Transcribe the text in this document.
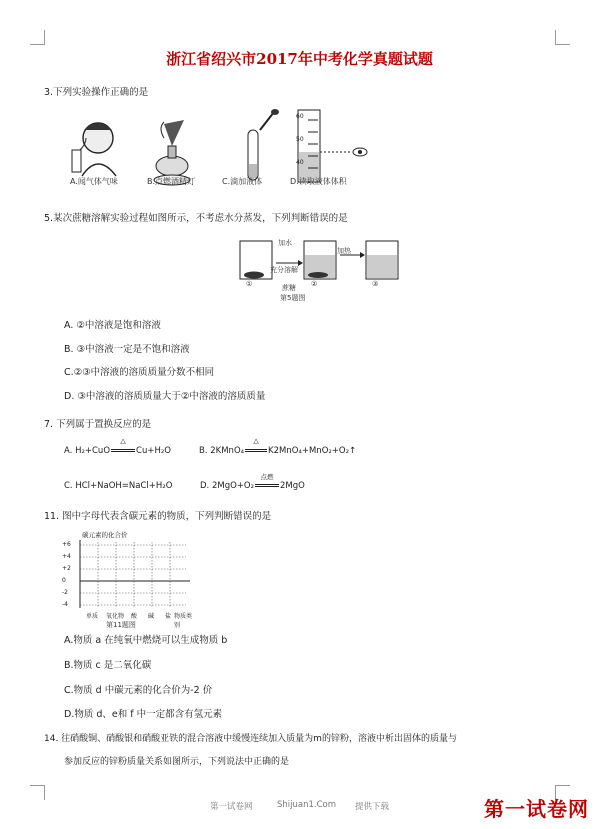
浙江省绍兴市2017年中考化学真题试题
3.下列实验操作正确的是
60
50
40
A.闻气体气味	B.点燃酒精灯	C.滴加液体	D.读取液体体积
5.某次蔗糖溶解实验过程如图所示，不考虑水分蒸发，下列判断错误的是
加水
充分溶解
加热
①	②	③
蔗糖
第5题图
A. ②中溶液是饱和溶液
B. ③中溶液一定是不饱和溶液
C.②③中溶液的溶质质量分数不相同
D. ③中溶液的溶质质量大于②中溶液的溶质质量
7. 下列属于置换反应的是
A. H₂+CuO
△
Cu+H₂O	B. 2KMnO₄
△
K2MnO₄+MnO₂+O₂↑
C. HCl+NaOH=NaCl+H₂O	D. 2MgO+O₂
点燃
2MgO
11. 图中字母代表含碳元素的物质，下列判断错误的是
碳元素的化合价
+6
+4
+2
0
-2
-4
单质 氧化物 酸 碱 盐 物质类别
第11题图
A.物质 a 在纯氧中燃烧可以生成物质 b
B.物质 c 是二氧化碳
C.物质 d 中碳元素的化合价为-2 价
D.物质 d、e和 f 中一定都含有氢元素
14. 往硝酸铜、硝酸银和硝酸亚铁的混合溶液中缓慢连续加入质量为m的锌粉，溶液中析出固体的质量与
参加反应的锌粉质量关系如图所示，下列说法中正确的是
第一试卷网	Shijuan1.Com 提供下载	第一试卷网
